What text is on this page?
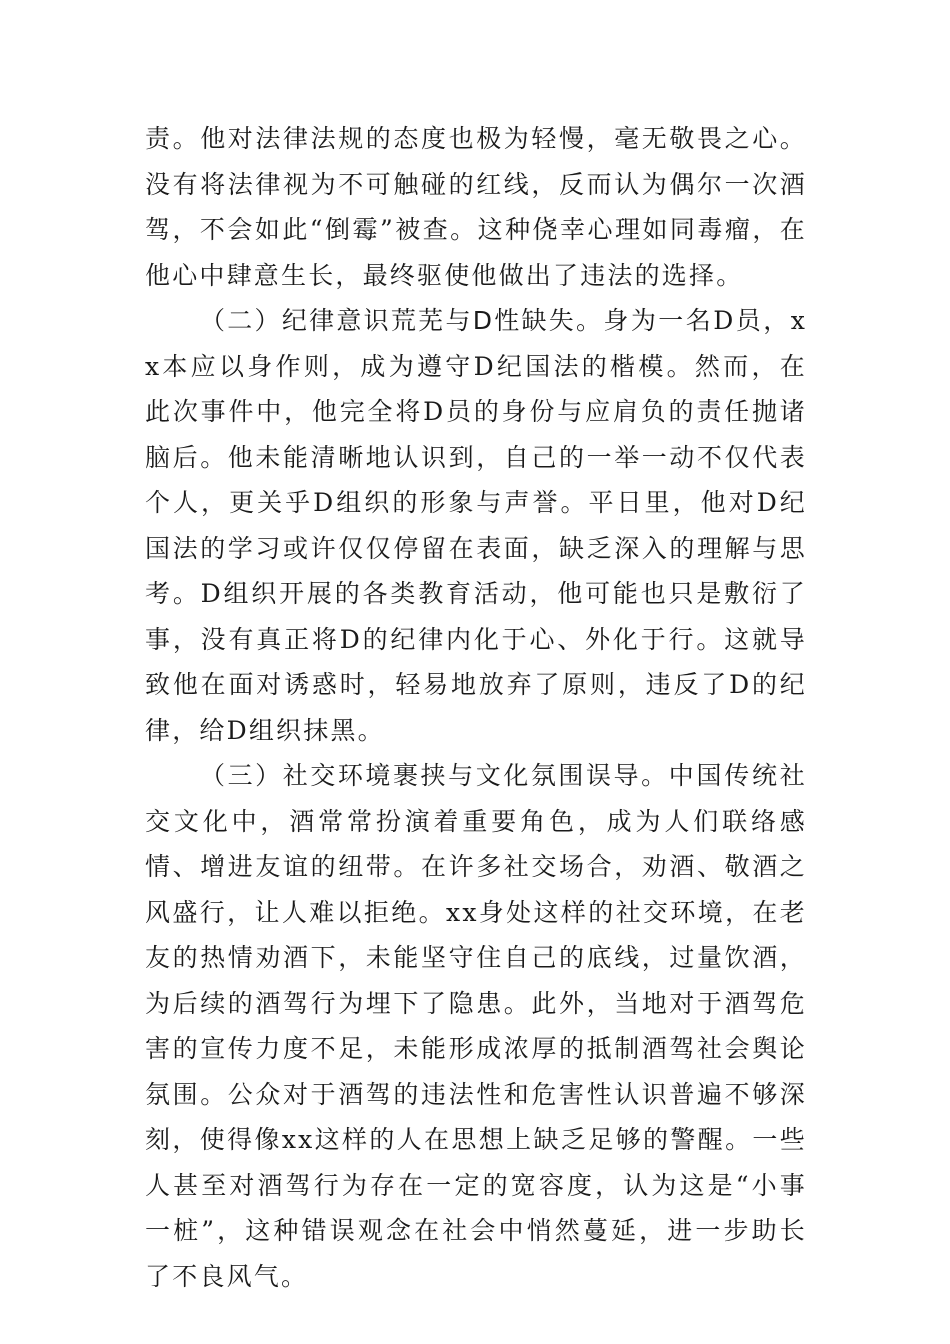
责。他对法律法规的态度也极为轻慢，毫无敬畏之心。没有将法律视为不可触碰的红线，反而认为偶尔一次酒驾，不会如此“倒霉”被查。这种侥幸心理如同毒瘤，在他心中肆意生长，最终驱使他做出了违法的选择。

（二）纪律意识荒芜与D性缺失。身为一名D员，xx本应以身作则，成为遵守D纪国法的楷模。然而，在此次事件中，他完全将D员的身份与应肩负的责任抛诸脑后。他未能清晰地认识到，自己的一举一动不仅代表个人，更关乎D组织的形象与声誉。平日里，他对D纪国法的学习或许仅仅停留在表面，缺乏深入的理解与思考。D组织开展的各类教育活动，他可能也只是敷衍了事，没有真正将D的纪律内化于心、外化于行。这就导致他在面对诱惑时，轻易地放弃了原则，违反了D的纪律，给D组织抹黑。

（三）社交环境裹挟与文化氛围误导。中国传统社交文化中，酒常常扮演着重要角色，成为人们联络感情、增进友谊的纽带。在许多社交场合，劝酒、敬酒之风盛行，让人难以拒绝。xx身处这样的社交环境，在老友的热情劝酒下，未能坚守住自己的底线，过量饮酒，为后续的酒驾行为埋下了隐患。此外，当地对于酒驾危害的宣传力度不足，未能形成浓厚的抵制酒驾社会舆论氛围。公众对于酒驾的违法性和危害性认识普遍不够深刻，使得像xx这样的人在思想上缺乏足够的警醒。一些人甚至对酒驾行为存在一定的宽容度，认为这是“小事一桩”，这种错误观念在社会中悄然蔓延，进一步助长了不良风气。
